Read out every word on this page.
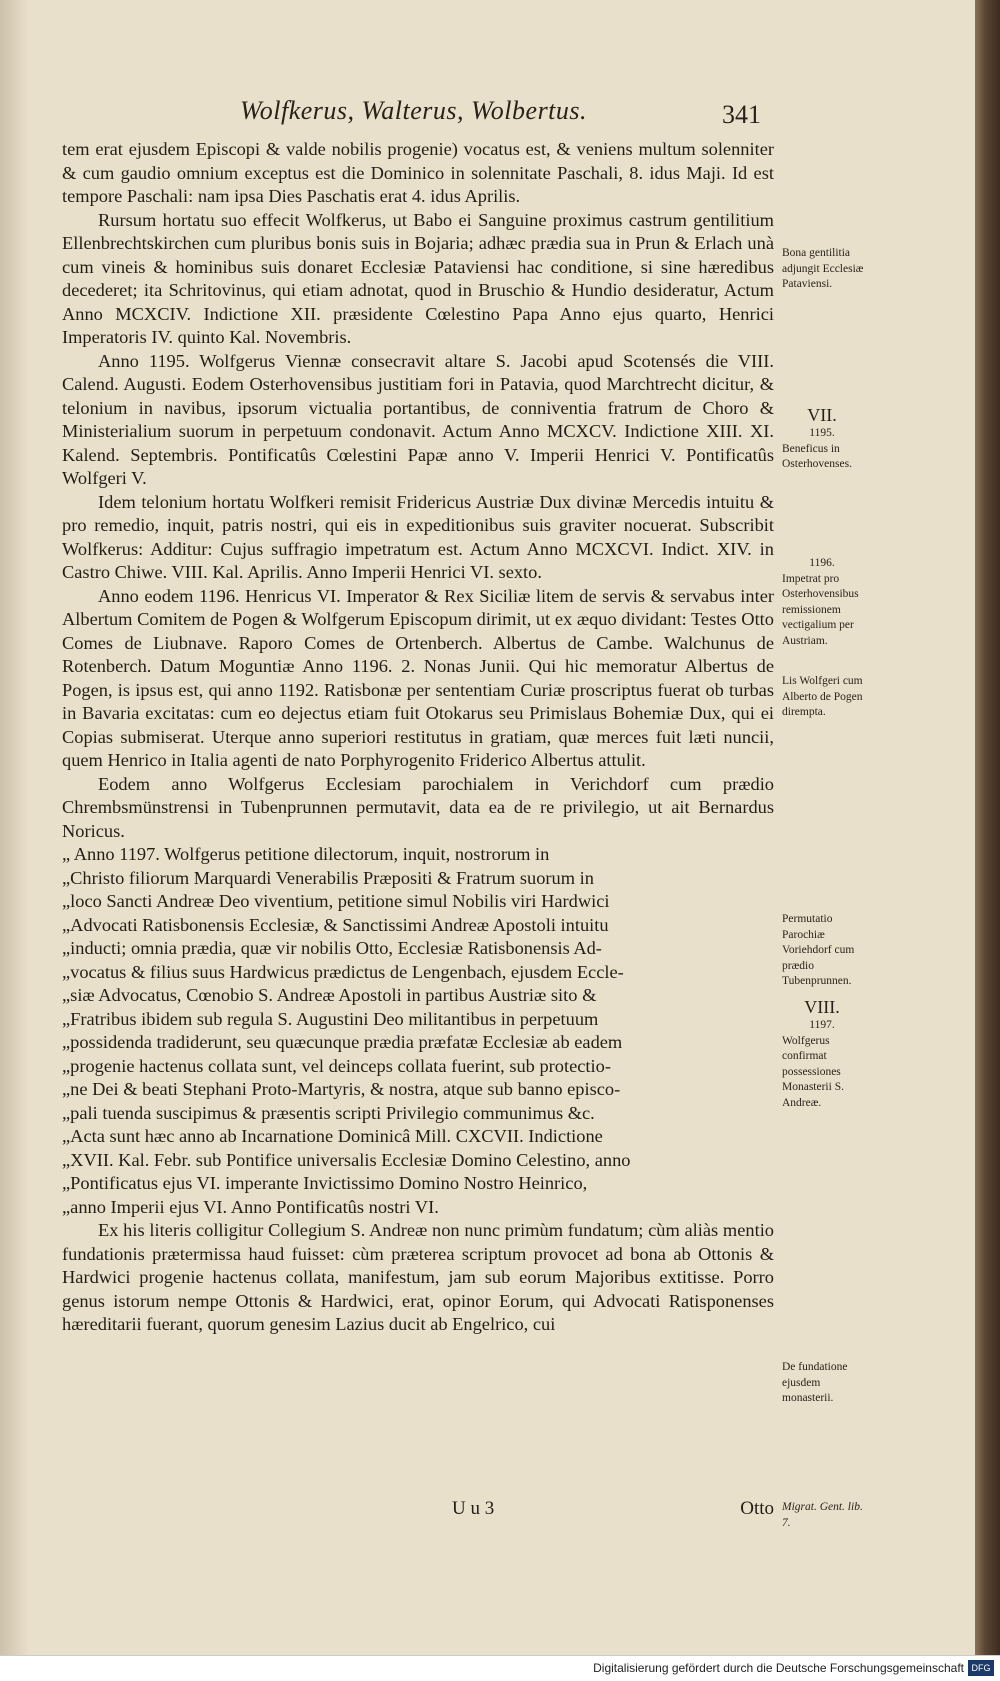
Wolfkerus, Walterus, Wolbertus.	341

tem erat ejusdem Episcopi & valde nobilis progenie) vocatus est, & veniens multum solenniter & cum gaudio omnium exceptus est die Dominico in solennitate Paschali, 8. idus Maji. Id est tempore Paschali: nam ipsa Dies Paschatis erat 4. idus Aprilis.

Rursum hortatu suo effecit Wolfkerus, ut Babo ei Sanguine proximus castrum gentilitium Ellenbrechtskirchen cum pluribus bonis suis in Bojaria; adhæc prædia sua in Prun & Erlach unà cum vineis & hominibus suis donaret Ecclesiæ Pataviensi hac conditione, si sine hæredibus decederet; ita Schritovinus, qui etiam adnotat, quod in Bruschio & Hundio desideratur, Actum Anno MCXCIV. Indictione XII. præsidente Cœlestino Papa Anno ejus quarto, Henrici Imperatoris IV. quinto Kal. Novembris.

Anno 1195. Wolfgerus Viennæ consecravit altare S. Jacobi apud Scotensés die VIII. Calend. Augusti. Eodem Osterhovensibus justitiam fori in Patavia, quod Marchtrecht dicitur, & telonium in navibus, ipsorum victualia portantibus, de conniventia fratrum de Choro & Ministerialium suorum in perpetuum condonavit. Actum Anno MCXCV. Indictione XIII. XI. Kalend. Septembris. Pontificatûs Cœlestini Papæ anno V. Imperii Henrici V. Pontificatûs Wolfgeri V.

Idem telonium hortatu Wolfkeri remisit Fridericus Austriæ Dux divinæ Mercedis intuitu & pro remedio, inquit, patris nostri, qui eis in expeditionibus suis graviter nocuerat. Subscribit Wolfkerus: Additur: Cujus suffragio impetratum est. Actum Anno MCXCVI. Indict. XIV. in Castro Chiwe. VIII. Kal. Aprilis. Anno Imperii Henrici VI. sexto.

Anno eodem 1196. Henricus VI. Imperator & Rex Siciliæ litem de servis & servabus inter Albertum Comitem de Pogen & Wolfgerum Episcopum dirimit, ut ex æquo dividant: Testes Otto Comes de Liubnave. Raporo Comes de Ortenberch. Albertus de Cambe. Walchunus de Rotenberch. Datum Moguntiæ Anno 1196. 2. Nonas Junii. Qui hic memoratur Albertus de Pogen, is ipsus est, qui anno 1192. Ratisbonæ per sententiam Curiæ proscriptus fuerat ob turbas in Bavaria excitatas: cum eo dejectus etiam fuit Otokarus seu Primislaus Bohemiæ Dux, qui ei Copias submiserat. Uterque anno superiori restitutus in gratiam, quæ merces fuit læti nuncii, quem Henrico in Italia agenti de nato Porphyrogenito Friderico Albertus attulit.

Eodem anno Wolfgerus Ecclesiam parochialem in Verichdorf cum prædio Chrembsmünstrensi in Tubenprunnen permutavit, data ea de re privilegio, ut ait Bernardus Noricus.

„ Anno 1197. Wolfgerus petitione dilectorum, inquit, nostrorum in
„Christo filiorum Marquardi Venerabilis Præpositi & Fratrum suorum in
„loco Sancti Andreæ Deo viventium, petitione simul Nobilis viri Hardwici
„Advocati Ratisbonensis Ecclesiæ, & Sanctissimi Andreæ Apostoli intuitu
„inducti; omnia prædia, quæ vir nobilis Otto, Ecclesiæ Ratisbonensis Ad-
„vocatus & filius suus Hardwicus prædictus de Lengenbach, ejusdem Eccle-
„siæ Advocatus, Cœnobio S. Andreæ Apostoli in partibus Austriæ sito &
„Fratribus ibidem sub regula S. Augustini Deo militantibus in perpetuum
„possidenda tradiderunt, seu quæcunque prædia præfatæ Ecclesiæ ab eadem
„progenie hactenus collata sunt, vel deinceps collata fuerint, sub protectio-
„ne Dei & beati Stephani Proto-Martyris, & nostra, atque sub banno episco-
„pali tuenda suscipimus & præsentis scripti Privilegio communimus &c.
„Acta sunt hæc anno ab Incarnatione Dominicâ Mill. CXCVII. Indictione
„XVII. Kal. Febr. sub Pontifice universalis Ecclesiæ Domino Celestino, anno
„Pontificatus ejus VI. imperante Invictissimo Domino Nostro Heinrico,
„anno Imperii ejus VI. Anno Pontificatûs nostri VI.

Ex his literis colligitur Collegium S. Andreæ non nunc primùm fundatum; cùm aliàs mentio fundationis prætermissa haud fuisset: cùm præterea scriptum provocet ad bona ab Ottonis & Hardwici progenie hactenus collata, manifestum, jam sub eorum Majoribus extitisse. Porro genus istorum nempe Ottonis & Hardwici, erat, opinor Eorum, qui Advocati Ratisponenses hæreditarii fuerant, quorum genesim Lazius ducit ab Engelrico, cui

Bona gentilitia adjungit Ecclesiæ Pataviensi.
VII.
1195.
Beneficus in Osterhovenses.
1196.
Impetrat pro Osterhovensibus remissionem vectigalium per Austriam.
Lis Wolfgeri cum Alberto de Pogen dirempta.
Permutatio Parochiæ Voriehdorf cum prædio Tubenprunnen.
VIII.
1197.
Wolfgerus confirmat possessiones Monasterii S. Andreæ.
De fundatione ejusdem monasterii.
Migrat. Gent. lib. 7.
U u 3	Otto
Digitalisierung gefördert durch die Deutsche Forschungsgemeinschaft DFG
